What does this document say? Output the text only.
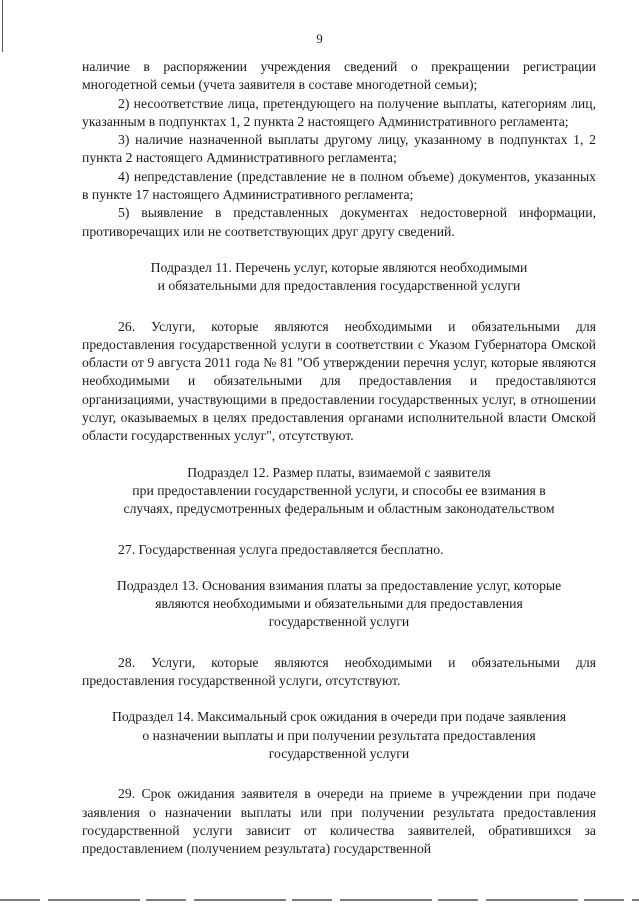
9

наличие в распоряжении учреждения сведений о прекращении регистрации многодетной семьи (учета заявителя в составе многодетной семьи);

2) несоответствие лица, претендующего на получение выплаты, категориям лиц, указанным в подпунктах 1, 2 пункта 2 настоящего Административного регламента;

3) наличие назначенной выплаты другому лицу, указанному в подпунктах 1, 2 пункта 2 настоящего Административного регламента;

4) непредставление (представление не в полном объеме) документов, указанных в пункте 17 настоящего Административного регламента;

5) выявление в представленных документах недостоверной информации, противоречащих или не соответствующих друг другу сведений.

Подраздел 11. Перечень услуг, которые являются необходимыми
и обязательными для предоставления государственной услуги

26. Услуги, которые являются необходимыми и обязательными для предоставления государственной услуги в соответствии с Указом Губернатора Омской области от 9 августа 2011 года № 81 "Об утверждении перечня услуг, которые являются необходимыми и обязательными для предоставления и предоставляются организациями, участвующими в предоставлении государственных услуг, в отношении услуг, оказываемых в целях предоставления органами исполнительной власти Омской области государственных услуг", отсутствуют.

Подраздел 12. Размер платы, взимаемой с заявителя
при предоставлении государственной услуги, и способы ее взимания в
случаях, предусмотренных федеральным и областным законодательством

27. Государственная услуга предоставляется бесплатно.

Подраздел 13. Основания взимания платы за предоставление услуг, которые
являются необходимыми и обязательными для предоставления
государственной услуги

28. Услуги, которые являются необходимыми и обязательными для предоставления государственной услуги, отсутствуют.

Подраздел 14. Максимальный срок ожидания в очереди при подаче заявления
о назначении выплаты и при получении результата предоставления
государственной услуги

29. Срок ожидания заявителя в очереди на приеме в учреждении при подаче заявления о назначении выплаты или при получении результата предоставления государственной услуги зависит от количества заявителей, обратившихся за предоставлением (получением результата) государственной
